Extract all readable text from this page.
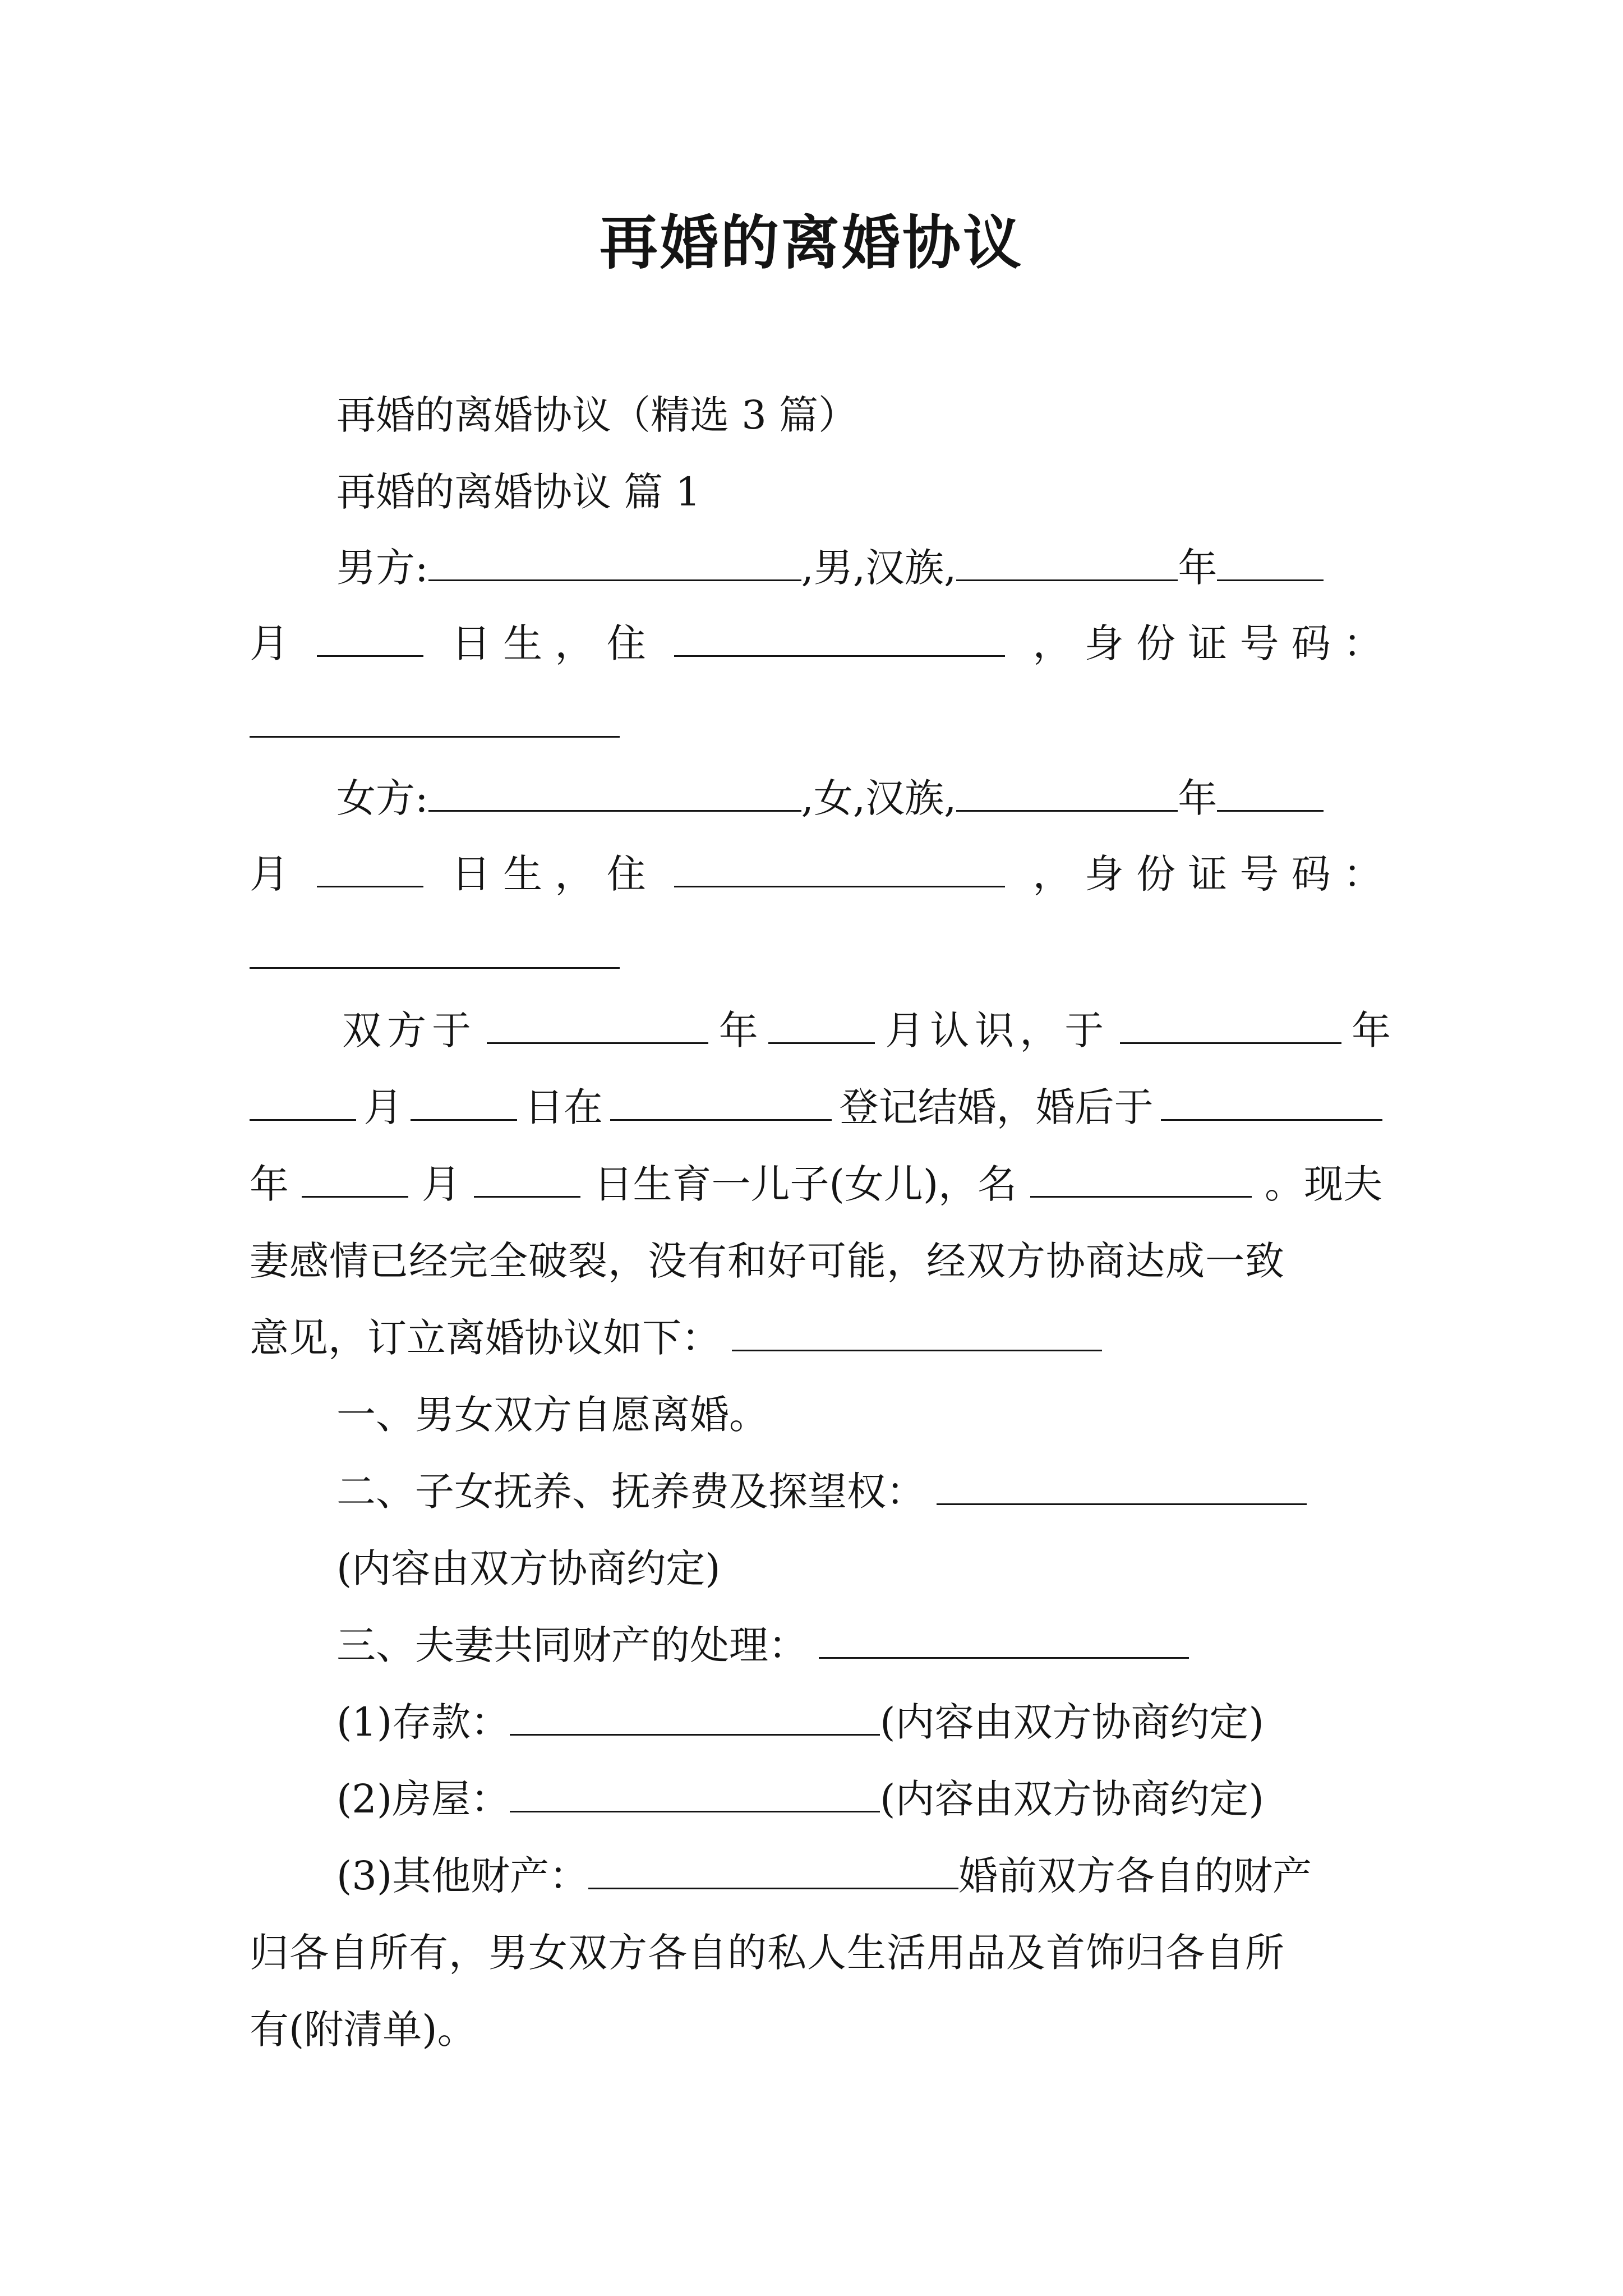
再婚的离婚协议
再婚的离婚协议（精选 3 篇）
再婚的离婚协议 篇 1
男方:	,男,汉族,	年
月	日 生 ， 住	， 身 份 证 号 码 ：
女方:	,女,汉族,	年
月	日 生 ， 住	， 身 份 证 号 码 ：
双方于	年	月认识，于	年
月	日在	登记结婚，婚后于
年	月	日生育一儿子(女儿)，名	。现夫
妻感情已经完全破裂，没有和好可能，经双方协商达成一致
意见，订立离婚协议如下：
一、男女双方自愿离婚。
二、子女抚养、抚养费及探望权：
(内容由双方协商约定)
三、夫妻共同财产的处理：
(1)存款：	(内容由双方协商约定)
(2)房屋：	(内容由双方协商约定)
(3)其他财产：	婚前双方各自的财产
归各自所有，男女双方各自的私人生活用品及首饰归各自所
有(附清单)。
